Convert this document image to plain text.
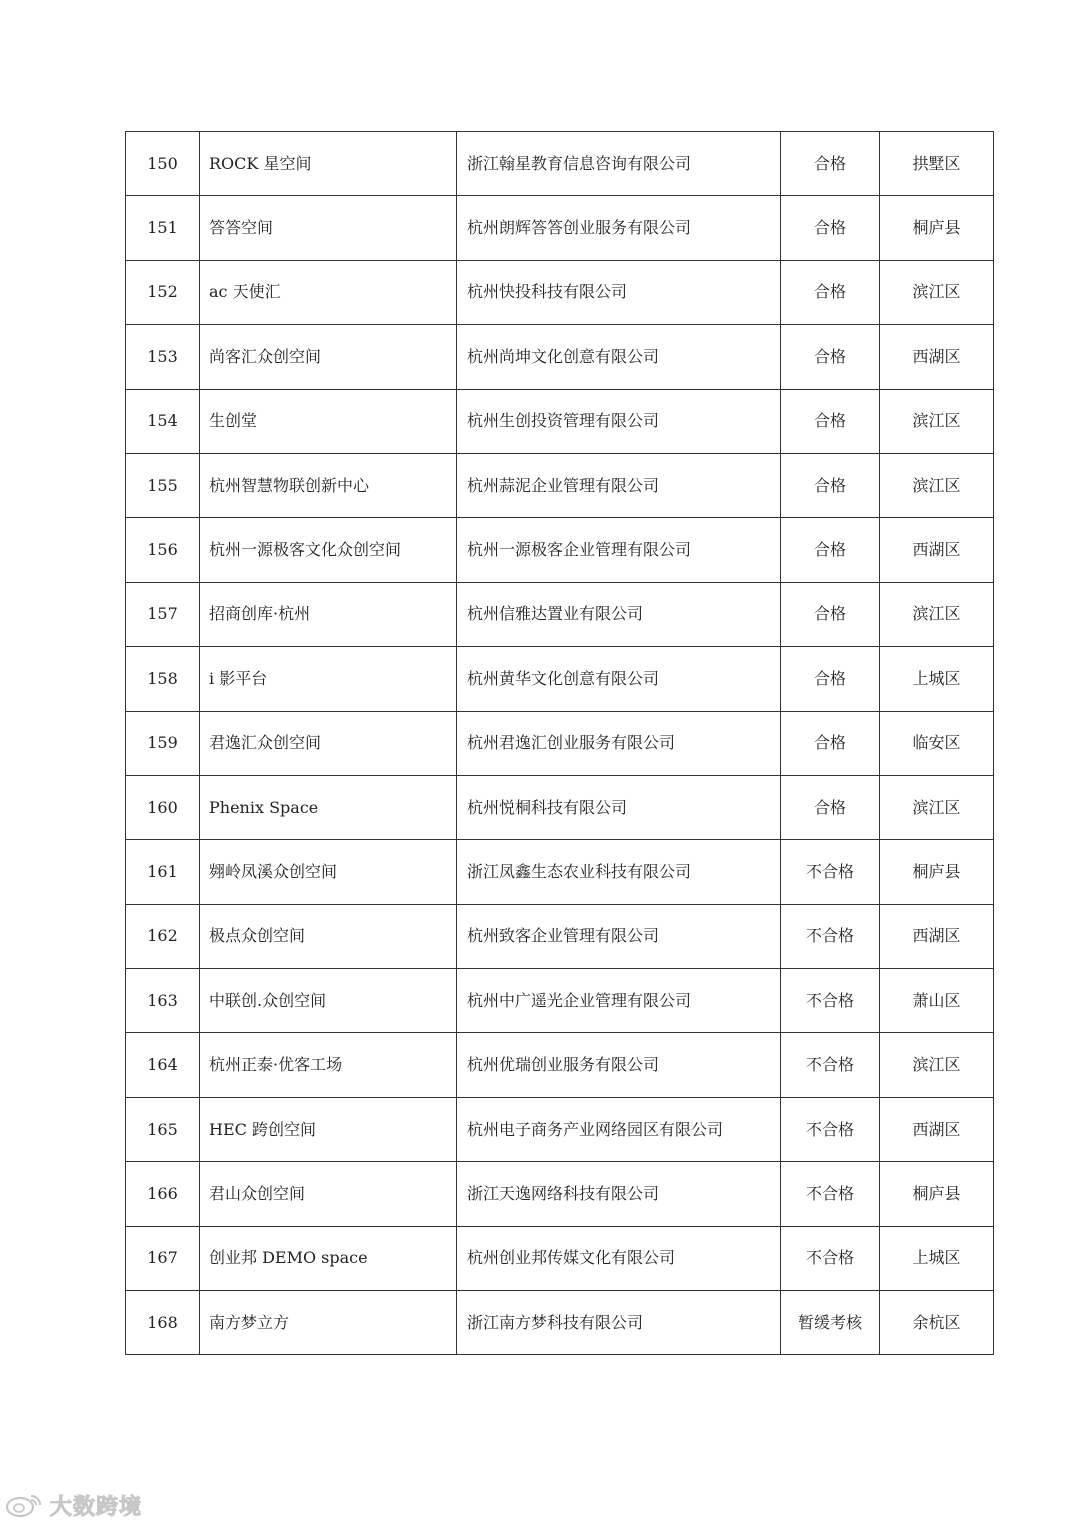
150	ROCK 星空间	浙江翰星教育信息咨询有限公司	合格	拱墅区
151	答答空间	杭州朗辉答答创业服务有限公司	合格	桐庐县
152	ac 天使汇	杭州快投科技有限公司	合格	滨江区
153	尚客汇众创空间	杭州尚坤文化创意有限公司	合格	西湖区
154	生创堂	杭州生创投资管理有限公司	合格	滨江区
155	杭州智慧物联创新中心	杭州蒜泥企业管理有限公司	合格	滨江区
156	杭州一源极客文化众创空间	杭州一源极客企业管理有限公司	合格	西湖区
157	招商创库·杭州	杭州信雅达置业有限公司	合格	滨江区
158	i 影平台	杭州黄华文化创意有限公司	合格	上城区
159	君逸汇众创空间	杭州君逸汇创业服务有限公司	合格	临安区
160	Phenix Space	杭州悦桐科技有限公司	合格	滨江区
161	翙岭凤溪众创空间	浙江凤鑫生态农业科技有限公司	不合格	桐庐县
162	极点众创空间	杭州致客企业管理有限公司	不合格	西湖区
163	中联创.众创空间	杭州中广遥光企业管理有限公司	不合格	萧山区
164	杭州正泰·优客工场	杭州优瑞创业服务有限公司	不合格	滨江区
165	HEC 跨创空间	杭州电子商务产业网络园区有限公司	不合格	西湖区
166	君山众创空间	浙江天逸网络科技有限公司	不合格	桐庐县
167	创业邦 DEMO space	杭州创业邦传媒文化有限公司	不合格	上城区
168	南方梦立方	浙江南方梦科技有限公司	暂缓考核	余杭区
大数跨境
